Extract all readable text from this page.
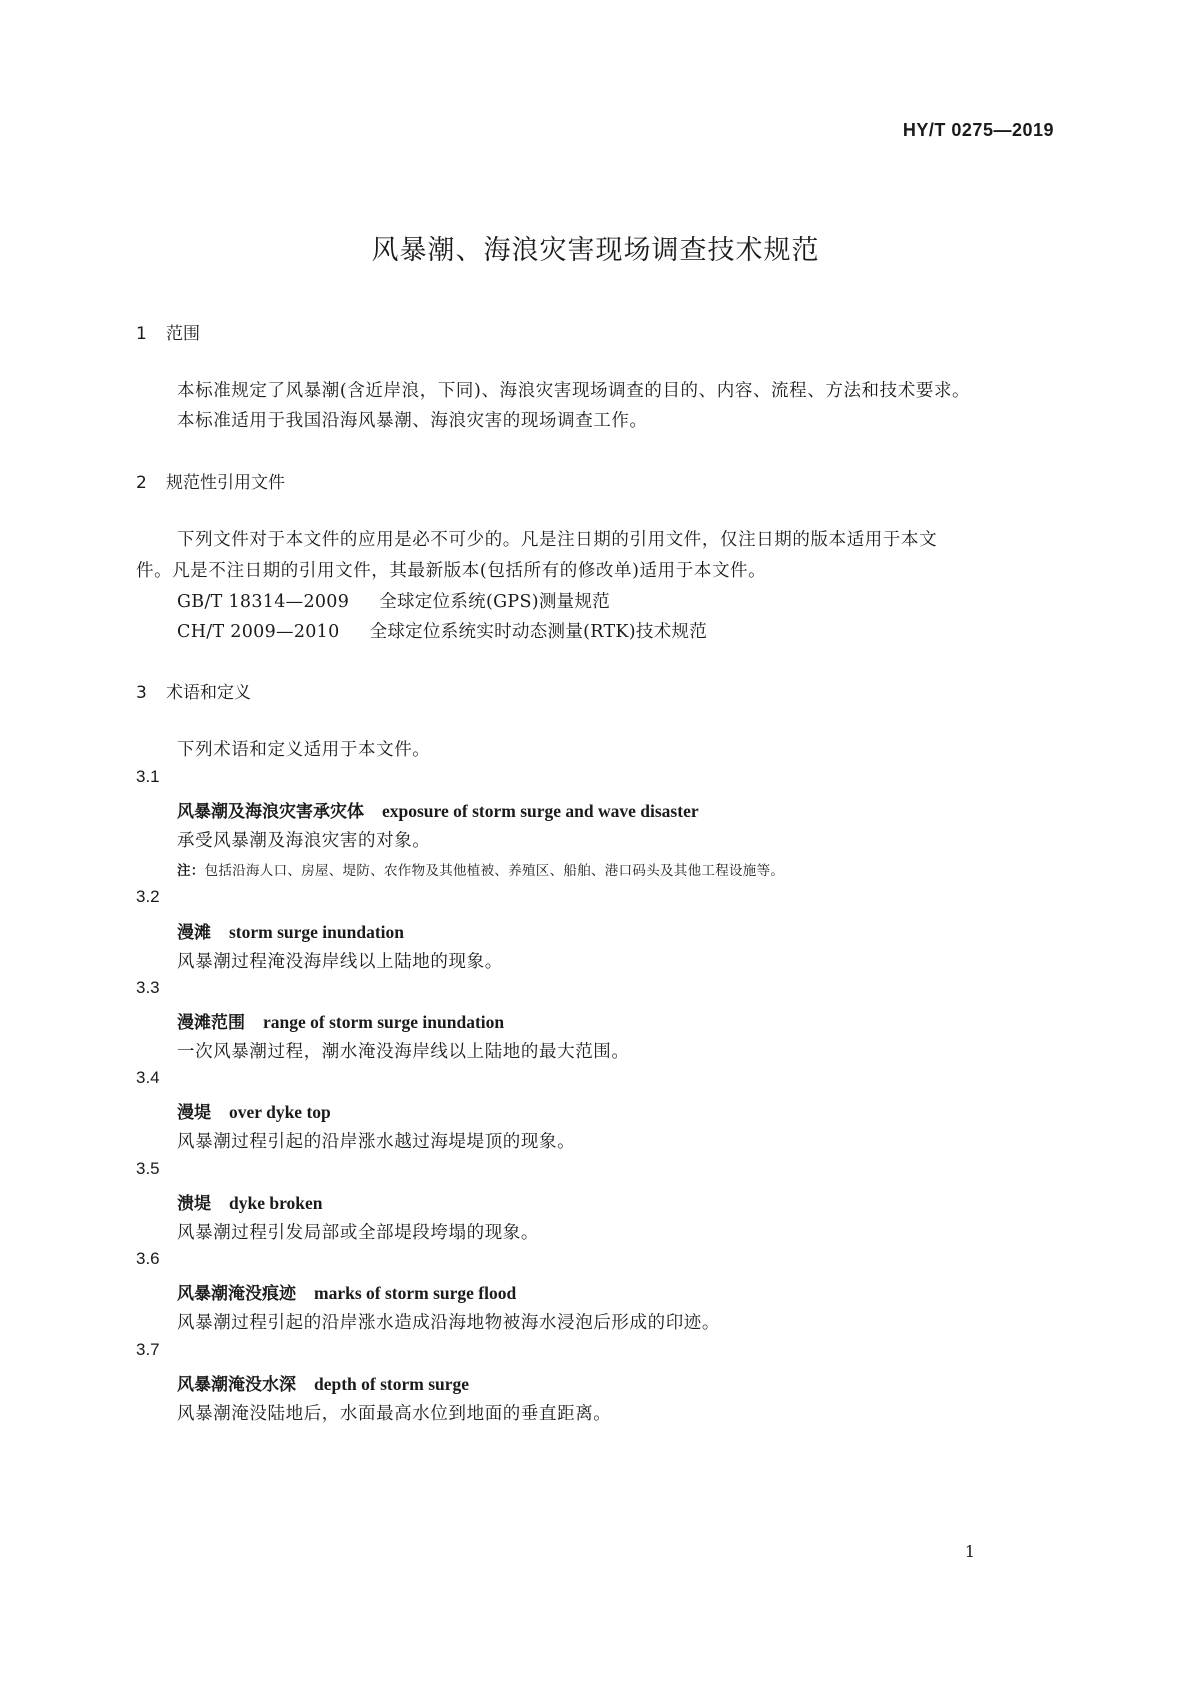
HY/T 0275—2019
风暴潮、海浪灾害现场调查技术规范
1 范围
本标准规定了风暴潮(含近岸浪，下同)、海浪灾害现场调查的目的、内容、流程、方法和技术要求。
本标准适用于我国沿海风暴潮、海浪灾害的现场调查工作。
2 规范性引用文件
下列文件对于本文件的应用是必不可少的。凡是注日期的引用文件，仅注日期的版本适用于本文
件。凡是不注日期的引用文件，其最新版本(包括所有的修改单)适用于本文件。
GB/T 18314—2009 全球定位系统(GPS)测量规范
CH/T 2009—2010 全球定位系统实时动态测量(RTK)技术规范
3 术语和定义
下列术语和定义适用于本文件。
3.1
风暴潮及海浪灾害承灾体 exposure of storm surge and wave disaster
承受风暴潮及海浪灾害的对象。
注：包括沿海人口、房屋、堤防、农作物及其他植被、养殖区、船舶、港口码头及其他工程设施等。
3.2
漫滩 storm surge inundation
风暴潮过程淹没海岸线以上陆地的现象。
3.3
漫滩范围 range of storm surge inundation
一次风暴潮过程，潮水淹没海岸线以上陆地的最大范围。
3.4
漫堤 over dyke top
风暴潮过程引起的沿岸涨水越过海堤堤顶的现象。
3.5
溃堤 dyke broken
风暴潮过程引发局部或全部堤段垮塌的现象。
3.6
风暴潮淹没痕迹 marks of storm surge flood
风暴潮过程引起的沿岸涨水造成沿海地物被海水浸泡后形成的印迹。
3.7
风暴潮淹没水深 depth of storm surge
风暴潮淹没陆地后，水面最高水位到地面的垂直距离。
1
